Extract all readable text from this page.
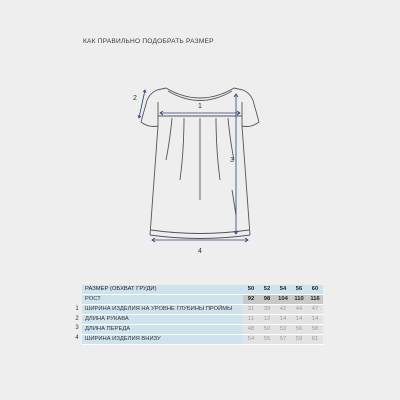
КАК ПРАВИЛЬНО ПОДОБРАТЬ РАЗМЕР
1
2
3
4
1
2
3
4
РАЗМЕР (ОБХВАТ ГРУДИ)	50	52	54	56	60
РОСТ	92	98	104	110	116
ШИРИНА ИЗДЕЛИЯ НА УРОВНЕ ГЛУБИНЫ ПРОЙМЫ	31	39	42	44	47
ДЛИНА РУКАВА	11	12	14	14	14
ДЛИНА ПЕРЕДА	48	50	53	56	58
ШИРИНА ИЗДЕЛИЯ ВНИЗУ	54	55	57	59	61
